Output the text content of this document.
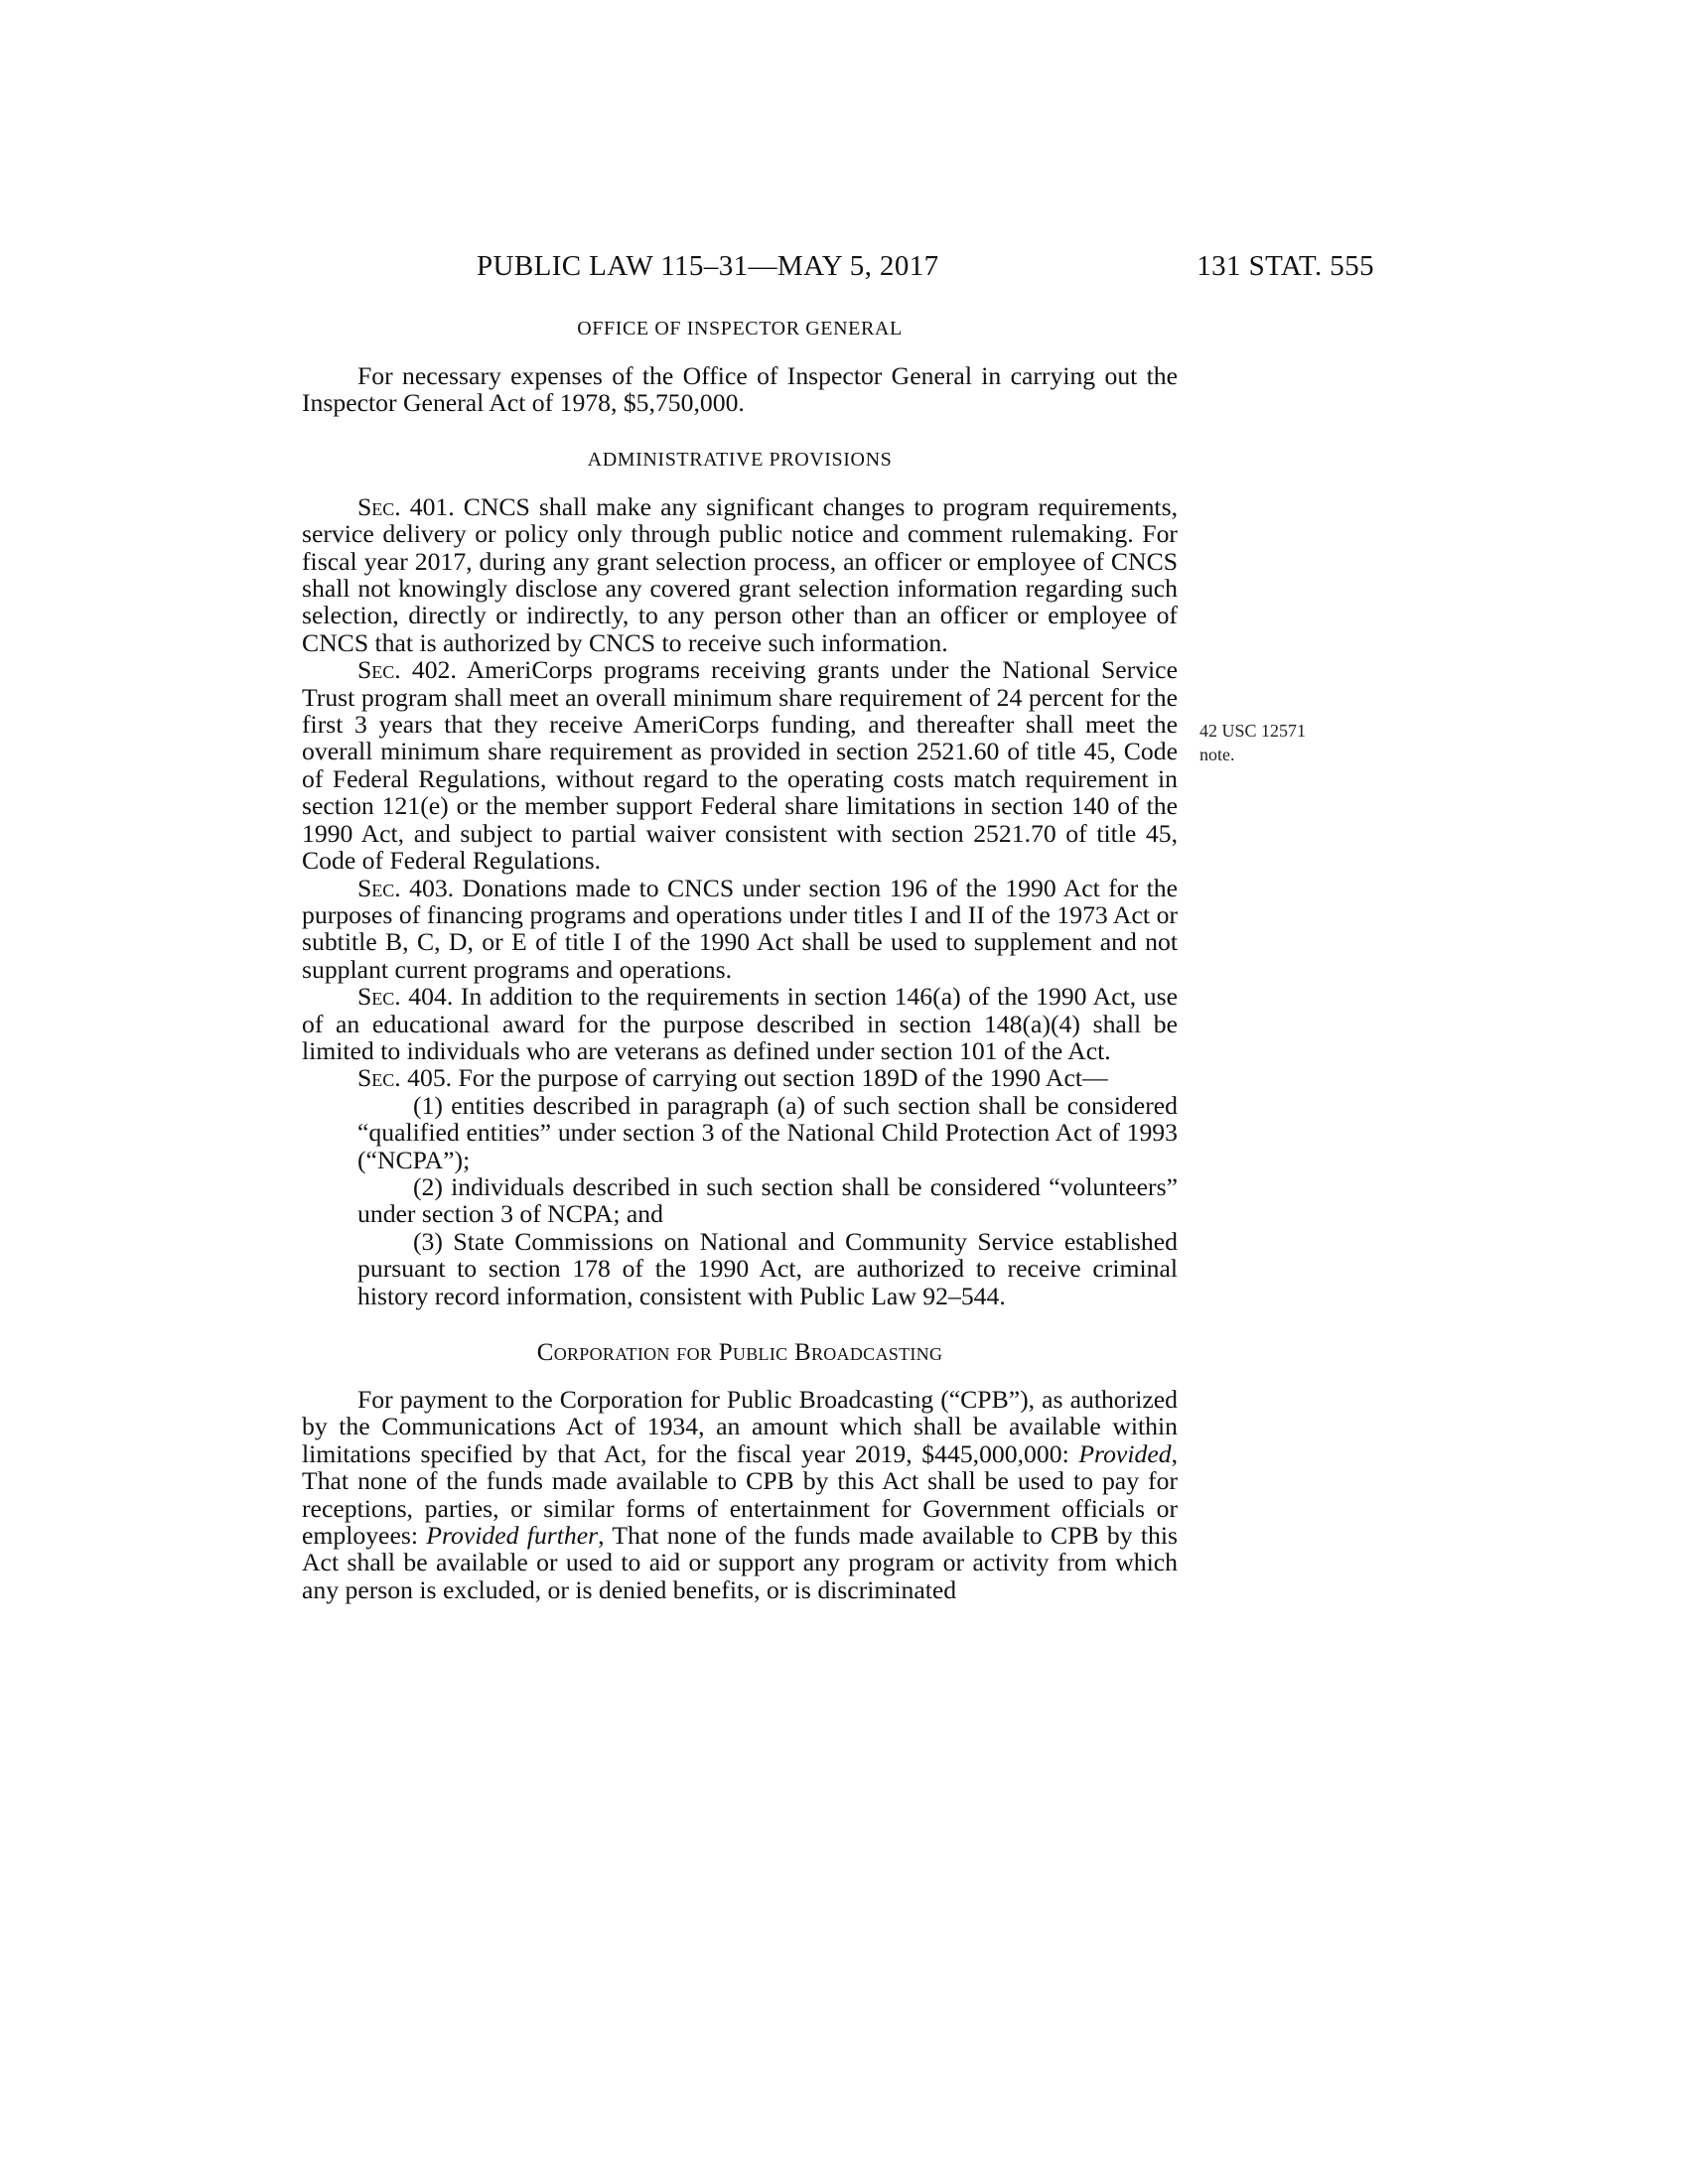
PUBLIC LAW 115–31—MAY 5, 2017	131 STAT. 555
42 USC 12571
note.
OFFICE OF INSPECTOR GENERAL

For necessary expenses of the Office of Inspector General in carrying out the Inspector General Act of 1978, $5,750,000.

ADMINISTRATIVE PROVISIONS

Sec. 401. CNCS shall make any significant changes to program requirements, service delivery or policy only through public notice and comment rulemaking. For fiscal year 2017, during any grant selection process, an officer or employee of CNCS shall not knowingly disclose any covered grant selection information regarding such selection, directly or indirectly, to any person other than an officer or employee of CNCS that is authorized by CNCS to receive such information.

Sec. 402. AmeriCorps programs receiving grants under the National Service Trust program shall meet an overall minimum share requirement of 24 percent for the first 3 years that they receive AmeriCorps funding, and thereafter shall meet the overall minimum share requirement as provided in section 2521.60 of title 45, Code of Federal Regulations, without regard to the operating costs match requirement in section 121(e) or the member support Federal share limitations in section 140 of the 1990 Act, and subject to partial waiver consistent with section 2521.70 of title 45, Code of Federal Regulations.

Sec. 403. Donations made to CNCS under section 196 of the 1990 Act for the purposes of financing programs and operations under titles I and II of the 1973 Act or subtitle B, C, D, or E of title I of the 1990 Act shall be used to supplement and not supplant current programs and operations.

Sec. 404. In addition to the requirements in section 146(a) of the 1990 Act, use of an educational award for the purpose described in section 148(a)(4) shall be limited to individuals who are veterans as defined under section 101 of the Act.

Sec. 405. For the purpose of carrying out section 189D of the 1990 Act—

(1) entities described in paragraph (a) of such section shall be considered “qualified entities” under section 3 of the National Child Protection Act of 1993 (“NCPA”);

(2) individuals described in such section shall be considered “volunteers” under section 3 of NCPA; and

(3) State Commissions on National and Community Service established pursuant to section 178 of the 1990 Act, are authorized to receive criminal history record information, consistent with Public Law 92–544.

Corporation for Public Broadcasting

For payment to the Corporation for Public Broadcasting (“CPB”), as authorized by the Communications Act of 1934, an amount which shall be available within limitations specified by that Act, for the fiscal year 2019, $445,000,000: Provided, That none of the funds made available to CPB by this Act shall be used to pay for receptions, parties, or similar forms of entertainment for Government officials or employees: Provided further, That none of the funds made available to CPB by this Act shall be available or used to aid or support any program or activity from which any person is excluded, or is denied benefits, or is discriminated
